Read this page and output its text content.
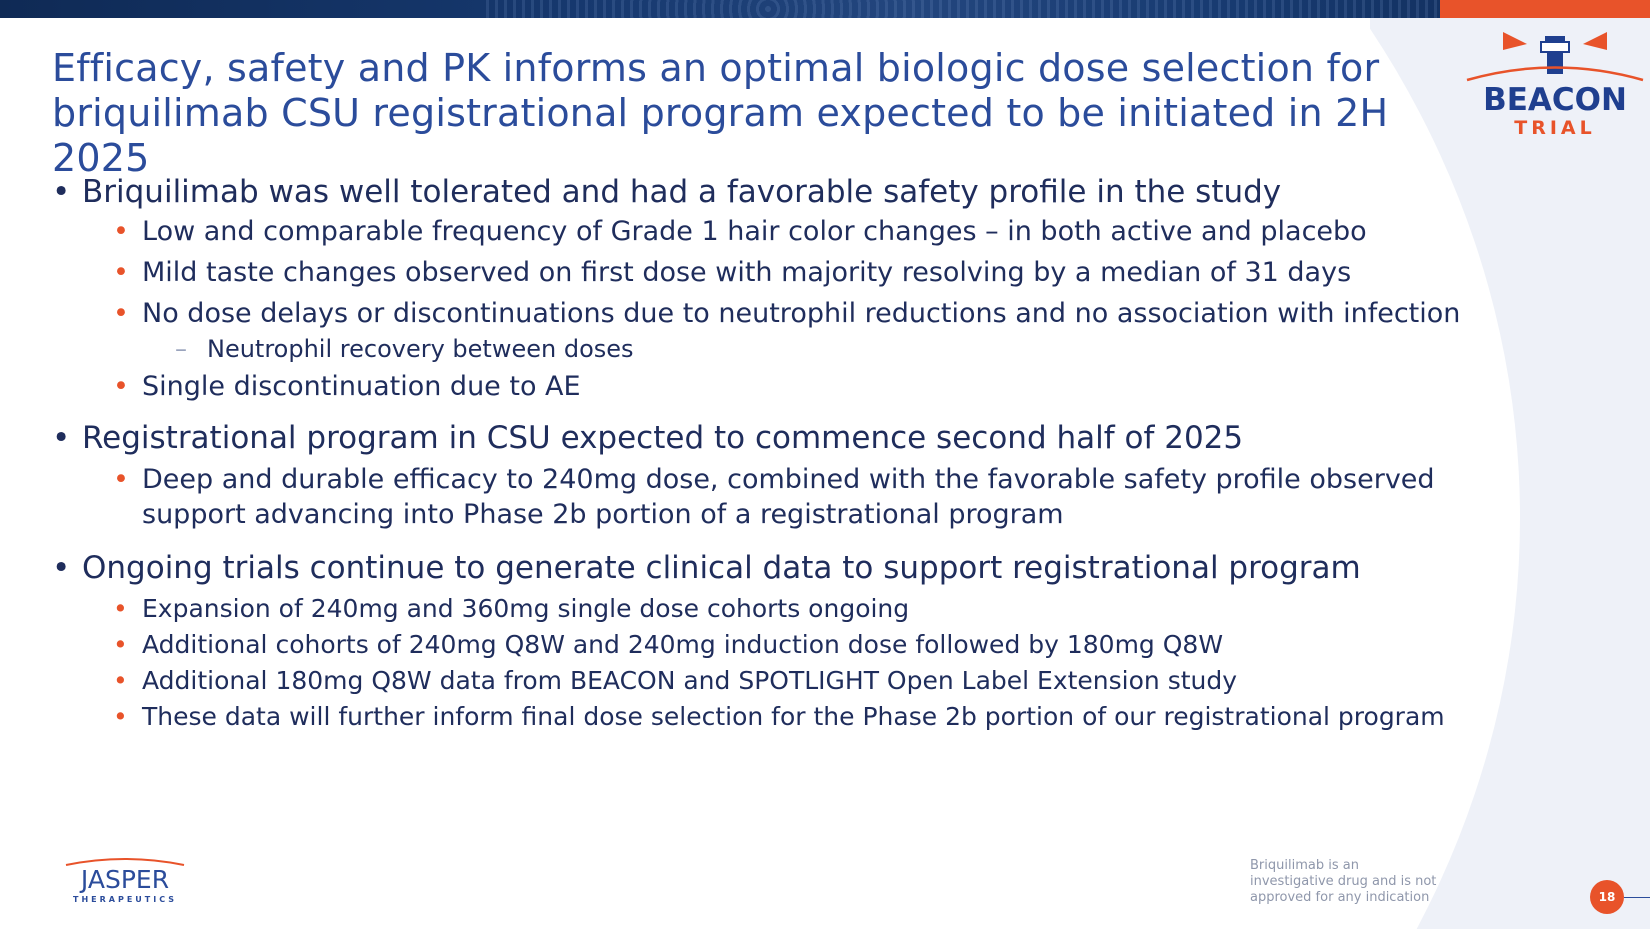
Efficacy, safety and PK informs an optimal biologic dose selection for briquilimab CSU registrational program expected to be initiated in 2H 2025
BEACON
TRIAL
• Briquilimab was well tolerated and had a favorable safety profile in the study
• Low and comparable frequency of Grade 1 hair color changes – in both active and placebo
• Mild taste changes observed on first dose with majority resolving by a median of 31 days
• No dose delays or discontinuations due to neutrophil reductions and no association with infection
– Neutrophil recovery between doses
• Single discontinuation due to AE
• Registrational program in CSU expected to commence second half of 2025
• Deep and durable efficacy to 240mg dose, combined with the favorable safety profile observed support advancing into Phase 2b portion of a registrational program
• Ongoing trials continue to generate clinical data to support registrational program
• Expansion of 240mg and 360mg single dose cohorts ongoing
• Additional cohorts of 240mg Q8W and 240mg induction dose followed by 180mg Q8W
• Additional 180mg Q8W data from BEACON and SPOTLIGHT Open Label Extension study
• These data will further inform final dose selection for the Phase 2b portion of our registrational program
JASPER
THERAPEUTICS
Briquilimab is an investigative drug and is not approved for any indication	18
